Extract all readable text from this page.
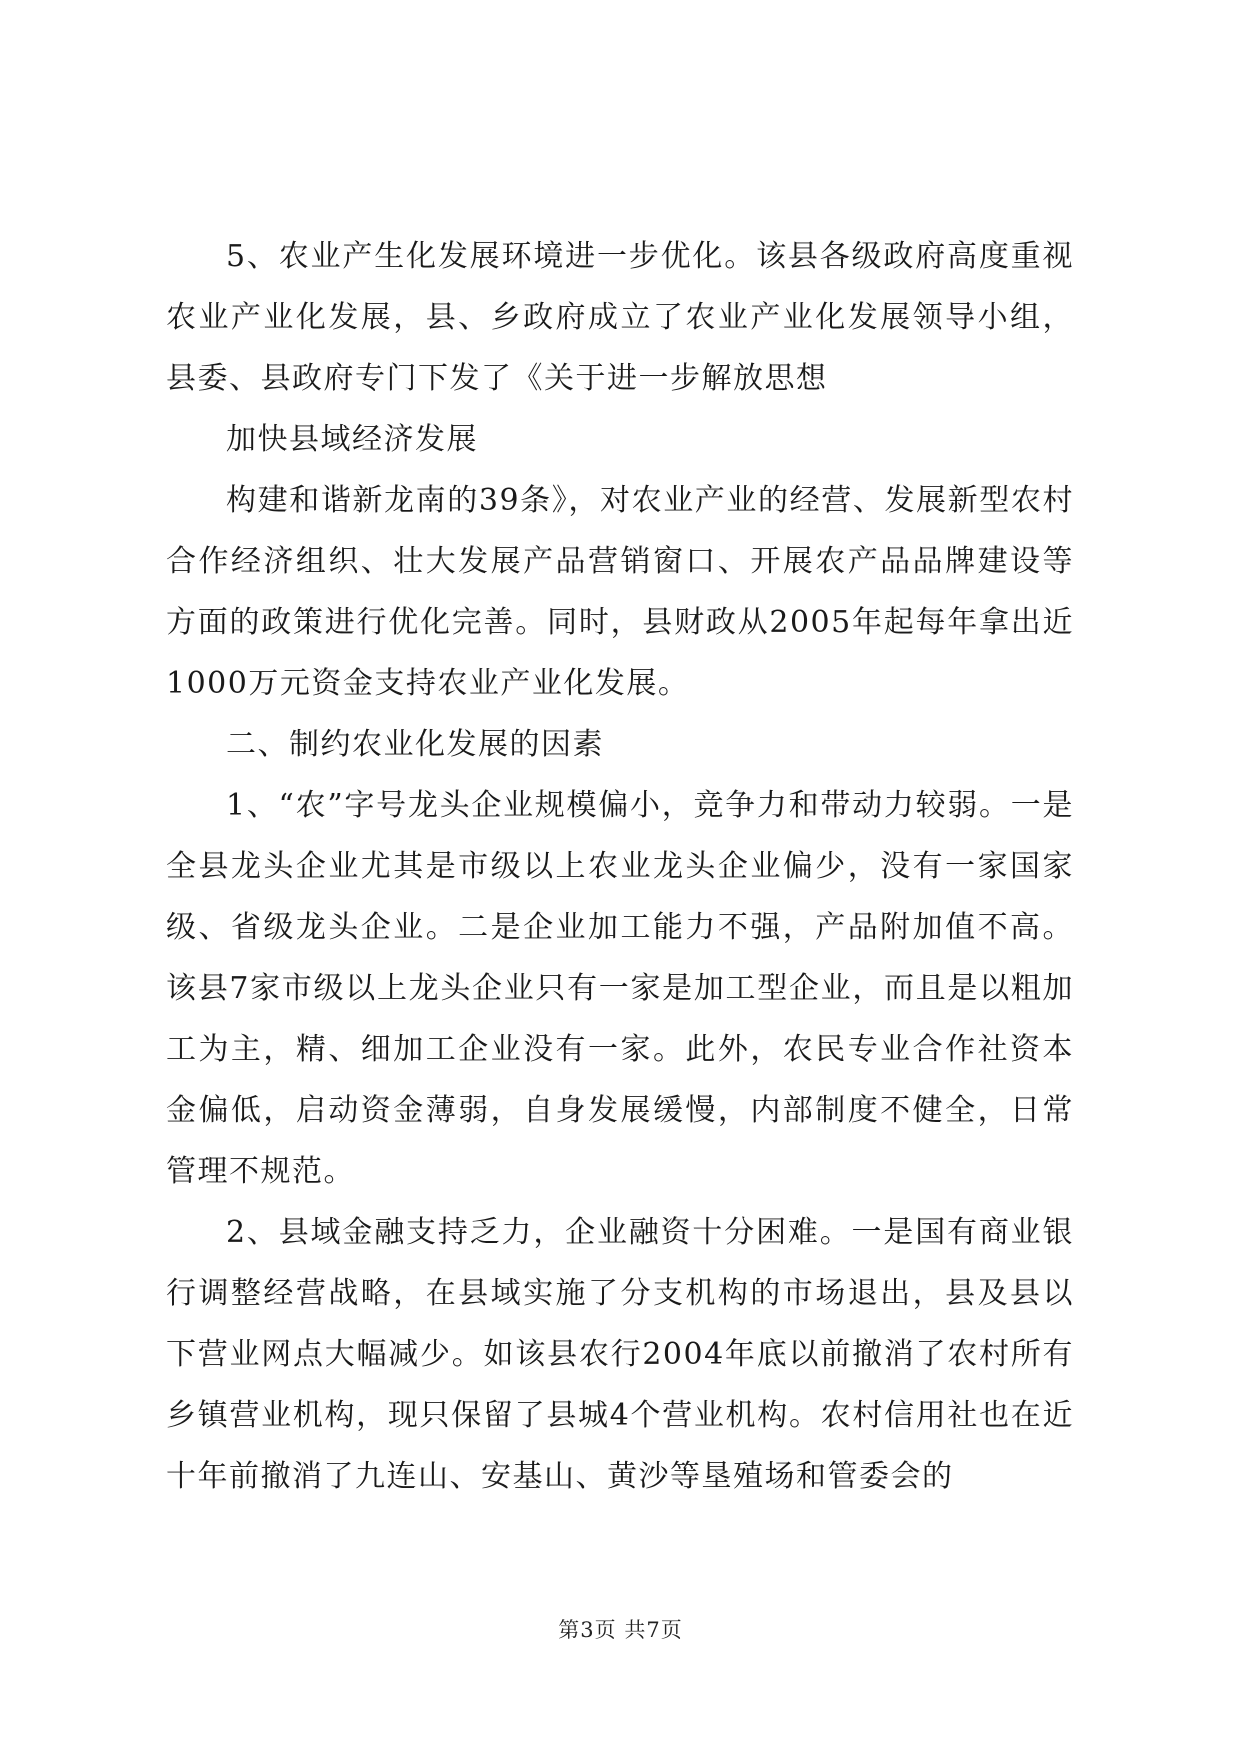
5、农业产生化发展环境进一步优化。该县各级政府高度重视农业产业化发展，县、乡政府成立了农业产业化发展领导小组，县委、县政府专门下发了《关于进一步解放思想

加快县域经济发展

构建和谐新龙南的39条》，对农业产业的经营、发展新型农村合作经济组织、壮大发展产品营销窗口、开展农产品品牌建设等方面的政策进行优化完善。同时，县财政从2005年起每年拿出近1000万元资金支持农业产业化发展。

二、制约农业化发展的因素

1、“农”字号龙头企业规模偏小，竞争力和带动力较弱。一是全县龙头企业尤其是市级以上农业龙头企业偏少，没有一家国家级、省级龙头企业。二是企业加工能力不强，产品附加值不高。该县7家市级以上龙头企业只有一家是加工型企业，而且是以粗加工为主，精、细加工企业没有一家。此外，农民专业合作社资本金偏低，启动资金薄弱，自身发展缓慢，内部制度不健全，日常管理不规范。

2、县域金融支持乏力，企业融资十分困难。一是国有商业银行调整经营战略，在县域实施了分支机构的市场退出，县及县以下营业网点大幅减少。如该县农行2004年底以前撤消了农村所有乡镇营业机构，现只保留了县城4个营业机构。农村信用社也在近十年前撤消了九连山、安基山、黄沙等垦殖场和管委会的

第3页 共7页
